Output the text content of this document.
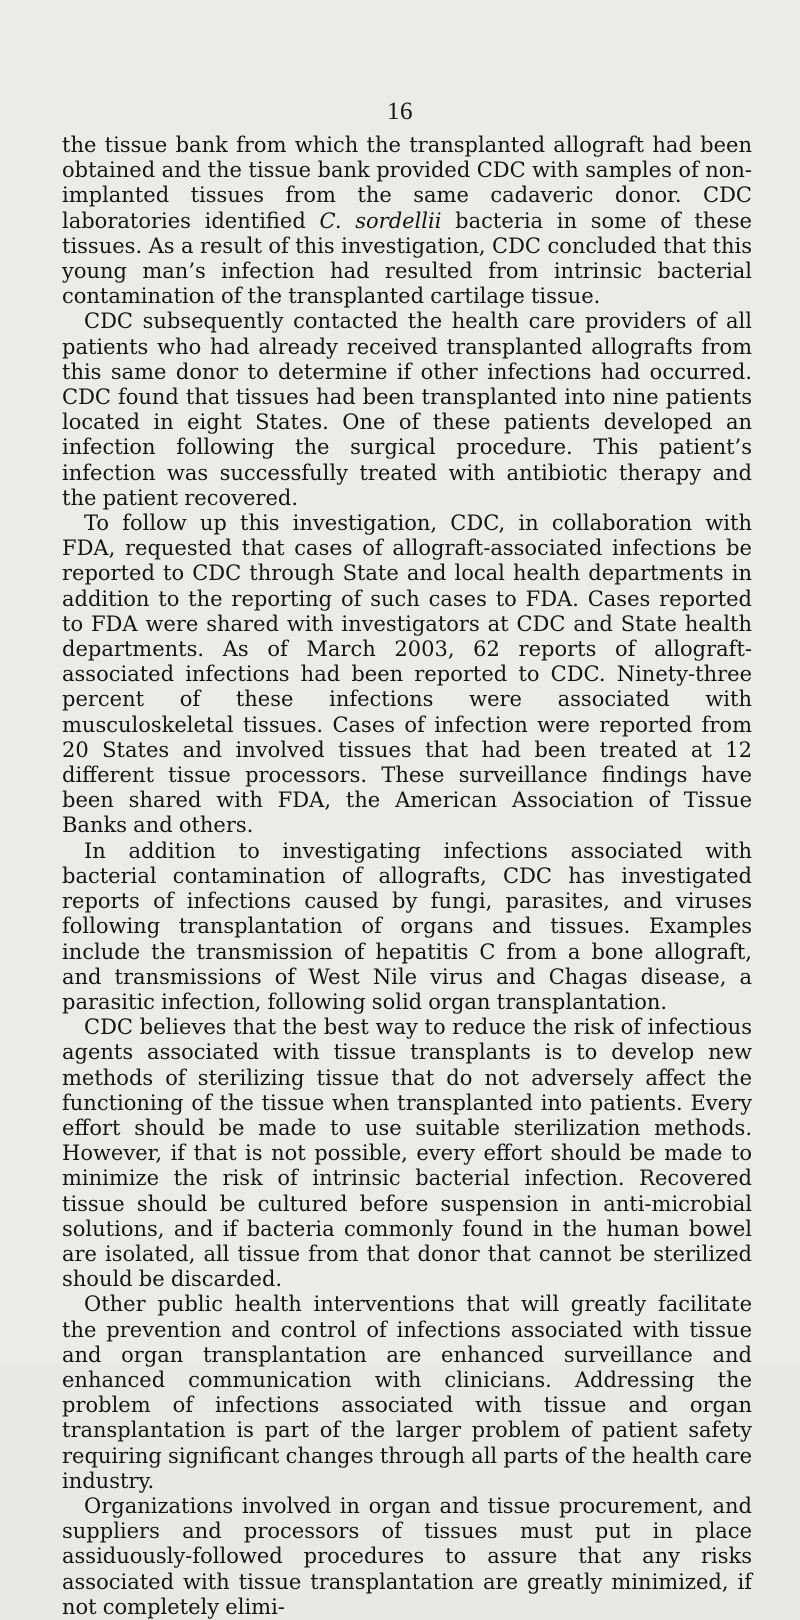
16

the tissue bank from which the transplanted allograft had been obtained and the tissue bank provided CDC with samples of non-implanted tissues from the same cadaveric donor. CDC laboratories identified C. sordellii bacteria in some of these tissues. As a result of this investigation, CDC concluded that this young man’s infection had resulted from intrinsic bacterial contamination of the transplanted cartilage tissue.

CDC subsequently contacted the health care providers of all patients who had already received transplanted allografts from this same donor to determine if other infections had occurred. CDC found that tissues had been transplanted into nine patients located in eight States. One of these patients developed an infection following the surgical procedure. This patient’s infection was successfully treated with antibiotic therapy and the patient recovered.

To follow up this investigation, CDC, in collaboration with FDA, requested that cases of allograft-associated infections be reported to CDC through State and local health departments in addition to the reporting of such cases to FDA. Cases reported to FDA were shared with investigators at CDC and State health departments. As of March 2003, 62 reports of allograft-associated infections had been reported to CDC. Ninety-three percent of these infections were associated with musculoskeletal tissues. Cases of infection were reported from 20 States and involved tissues that had been treated at 12 different tissue processors. These surveillance findings have been shared with FDA, the American Association of Tissue Banks and others.

In addition to investigating infections associated with bacterial contamination of allografts, CDC has investigated reports of infections caused by fungi, parasites, and viruses following transplantation of organs and tissues. Examples include the transmission of hepatitis C from a bone allograft, and transmissions of West Nile virus and Chagas disease, a parasitic infection, following solid organ transplantation.

CDC believes that the best way to reduce the risk of infectious agents associated with tissue transplants is to develop new methods of sterilizing tissue that do not adversely affect the functioning of the tissue when transplanted into patients. Every effort should be made to use suitable sterilization methods. However, if that is not possible, every effort should be made to minimize the risk of intrinsic bacterial infection. Recovered tissue should be cultured before suspension in anti-microbial solutions, and if bacteria commonly found in the human bowel are isolated, all tissue from that donor that cannot be sterilized should be discarded.

Other public health interventions that will greatly facilitate the prevention and control of infections associated with tissue and organ transplantation are enhanced surveillance and enhanced communication with clinicians. Addressing the problem of infections associated with tissue and organ transplantation is part of the larger problem of patient safety requiring significant changes through all parts of the health care industry.

Organizations involved in organ and tissue procurement, and suppliers and processors of tissues must put in place assiduously-followed procedures to assure that any risks associated with tissue transplantation are greatly minimized, if not completely elimi-
